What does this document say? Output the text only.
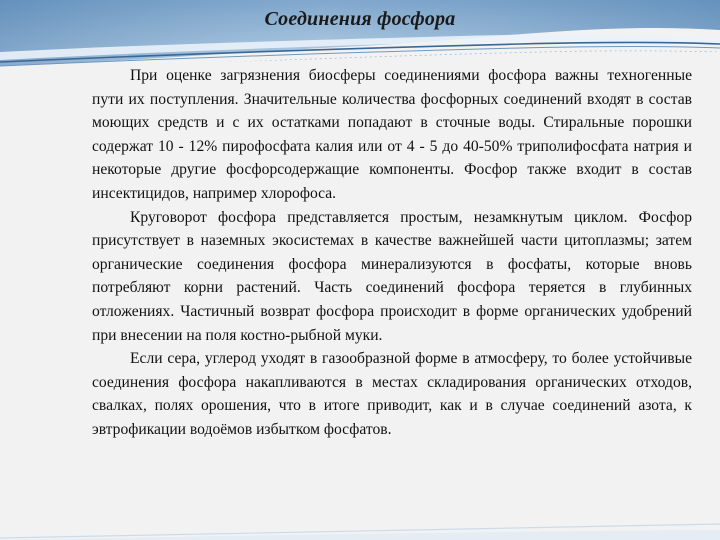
Соединения фосфора

При оценке загрязнения биосферы соединениями фосфора важны техногенные пути их поступления. Значительные количества фосфорных соединений входят в состав моющих средств и с их остатками попадают в сточные воды. Стиральные порошки содержат 10 - 12% пирофосфата калия или от 4 - 5 до 40-50% триполифосфата натрия и некоторые другие фосфорсодержащие компоненты. Фосфор также входит в состав инсектицидов, например хлорофоса.

Круговорот фосфора представляется простым, незамкнутым циклом. Фосфор присутствует в наземных экосистемах в качестве важнейшей части цитоплазмы; затем органические соединения фосфора минерализуются в фосфаты, которые вновь потребляют корни растений. Часть соединений фосфора теряется в глубинных отложениях. Частичный возврат фосфора происходит в форме органических удобрений при внесении на поля костно-рыбной муки.

Если сера, углерод уходят в газообразной форме в атмосферу, то более устойчивые соединения фосфора накапливаются в местах складирования органических отходов, свалках, полях орошения, что в итоге приводит, как и в случае соединений азота, к эвтрофикации водоёмов избытком фосфатов.
